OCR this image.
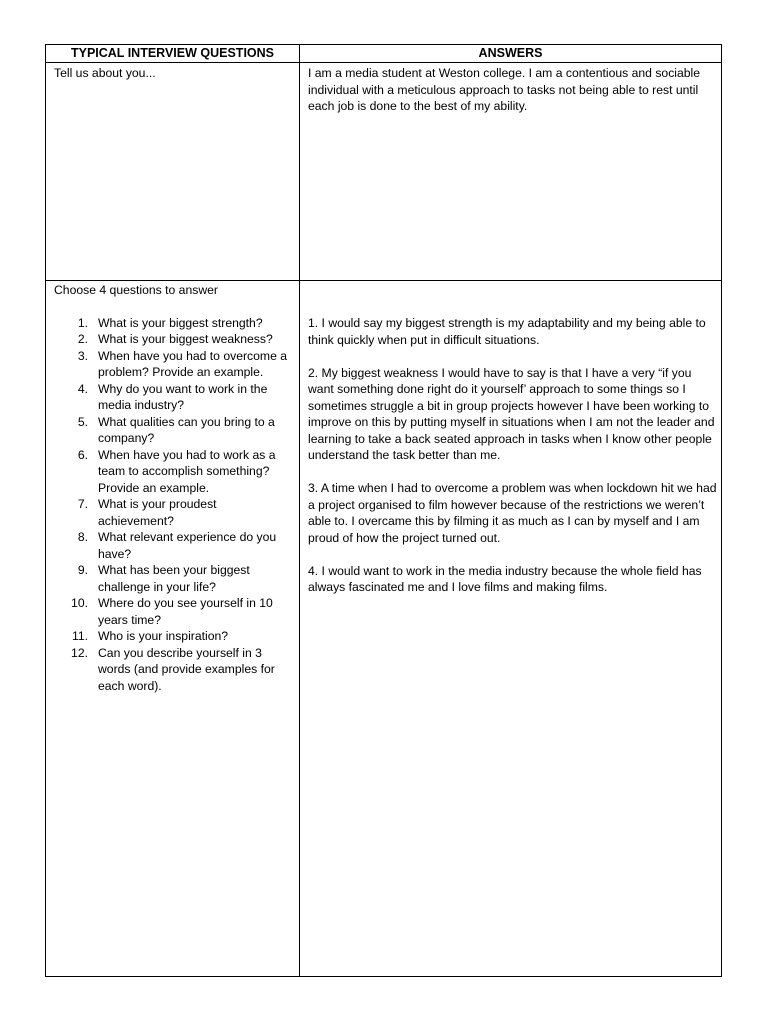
TYPICAL INTERVIEW QUESTIONS	ANSWERS
Tell us about you...	I am a media student at Weston college. I am a contentious and sociable individual with a meticulous approach to tasks not being able to rest until each job is done to the best of my ability.
Choose 4 questions to answer
1. What is your biggest strength?
2. What is your biggest weakness?
3. When have you had to overcome a problem? Provide an example.
4. Why do you want to work in the media industry?
5. What qualities can you bring to a company?
6. When have you had to work as a team to accomplish something? Provide an example.
7. What is your proudest achievement?
8. What relevant experience do you have?
9. What has been your biggest challenge in your life?
10. Where do you see yourself in 10 years time?
11. Who is your inspiration?
12. Can you describe yourself in 3 words (and provide examples for each word).

1. I would say my biggest strength is my adaptability and my being able to think quickly when put in difficult situations.

2. My biggest weakness I would have to say is that I have a very “if you want something done right do it yourself’ approach to some things so I sometimes struggle a bit in group projects however I have been working to improve on this by putting myself in situations when I am not the leader and learning to take a back seated approach in tasks when I know other people understand the task better than me.

3. A time when I had to overcome a problem was when lockdown hit we had a project organised to film however because of the restrictions we weren’t able to. I overcame this by filming it as much as I can by myself and I am proud of how the project turned out.

4. I would want to work in the media industry because the whole field has always fascinated me and I love films and making films.
